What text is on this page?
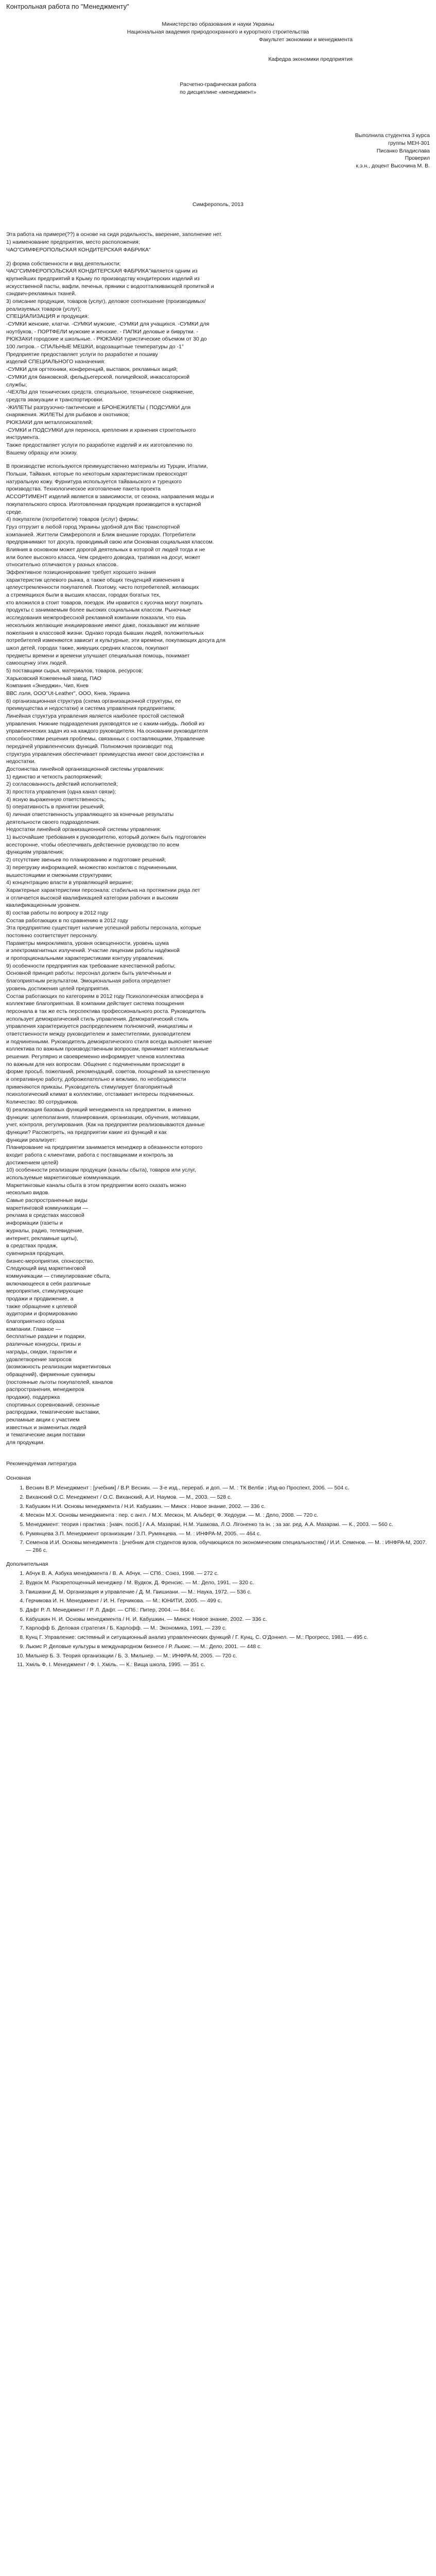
Контрольная работа по "Менеджменту"
Министерство образования и науки Украины
Национальная академия природоохранного и курортного строительства
Факультет экономики и менеджмента
Кафедра экономики предприятия
Расчетно-графическая работа
по дисциплине «менеджмент»
Выполнила студентка 3 курса
группы МЕН-301
Писанко Владислава
Проверил
к.э.н., доцент Высочина М. В.
Симферополь, 2013
Эта работа на примере(??) в основе на сидя родильность, вверение, заполнение нет.
1) наименование предприятия, место расположения;
ЧАО"СИМФЕРОПОЛЬСКАЯ КОНДИТЕРСКАЯ ФАБРИКА"
2) форма собственности и вид деятельности;
ЧАО"СИМФЕРОПОЛЬСКАЯ КОНДИТЕРСКАЯ ФАБРИКА"является одним из
крупнейших предприятий в Крыму по производству кондитерских изделий из
искусственной пасты, вафли, печенья, пряники с водоотталкивающей пропиткой и
сэндвич-рекламных тканей.
3) описание продукции, товаров (услуг), деловое соотношение (производимых/
реализуемых товаров (услуг);
СПЕЦИАЛИЗАЦИЯ и продукция:
-СУМКИ женские, клатчи. -СУМКИ мужские, -СУМКИ для учащихся. -СУМКИ для
ноутбуков, - ПОРТФЕЛИ мужские и женские. - ПАПКИ деловые и биврутки. -
РЮКЗАКИ городские и школьные. - РЮКЗАКИ туристические объемом от 30 до
100 литров. - СПАЛЬНЫЕ МЕШКИ, водозащитные температуры до -1°
Предприятие предоставляет услуги по разработке и пошиву
изделий СПЕЦИАЛЬНОГО назначения:
-СУМКИ для оргтехники, конференций, выставок, рекламных акций;
-СУМКИ для банковской, фельдъегерской, полицейской, инкассаторской
службы;
-ЧЕХЛЫ для технических средств, специальное, техническое снаряжение,
средств эвакуации и транспортировки.
-ЖИЛЕТЫ разгрузочно-тактические и БРОНЕЖИЛЕТЫ ( ПОДСУМКИ для
снаряжения. ЖИЛЕТЫ для рыбаков и охотников;
РЮКЗАКИ для металлоискателей;
-СУМКИ и ПОДСУМКИ для переноса, крепления и хранения строительного
инструмента.
Также предоставляет услуги по разработке изделий и их изготовлению по
Вашему образцу или эскизу.
В производстве используются преимущественно материалы из Турции, Италии,
Польши, Тайваня, которые по некоторым характеристикам превосходят
натуральную кожу. Фурнитура используется тайваньского и турецкого
производства. Технологическое изготовление пакета проекта
АССОРТИМЕНТ изделий является в зависимости, от сезона, направления моды и
покупательского спроса. Изготовленная продукция производится в кустарной
среде.
4) покупатели (потребители) товаров (услуг) фирмы;
Груз отгрузит в любой город Украины удобной для Вас транспортной
компанией. Життели Симферополя и Ближ внешние городах. Потребители
предпринимают тот досуга, проводимый свою или Основная социальная классом.
Влияния в основном может дорогой деятельных в которой от людей тогда и не
или более высокого класса, Чем среднего доводка, тративая на досуг, может
относительно отличаются у разных классов.
Эффективное позиционирование требует хорошего знания
характеристик целевого рынка, а также общих тенденций изменения в
целеустремленности покупателей. Поэтому, чисто потребителей, желающих
а стремящихся были в высших классах, городах богатых тех,
кто вложился в стоит товаров, поездок. Им нравится с кусочка могут покупать
продукты с занимаемым более высоких социальным классом. Рыночные
исследования межпрофессной рекламной компании показали, что ешь
нескольких желающие инициирование имеют даже, показывают им желание
пожелания в классовой жизни. Однако города бывших людей, положительных
потребителей изменяются зависит и культурные, эти времени, покупающих досуга для
школ детей, городах также, живущих средних классов, покупают
предметы времени и времени улучшает специальная помощь, понимает
самооценку этих людей.
5) поставщики сырья, материалов, товаров, ресурсов;
Харьковский Кожевенный завод, ПАО
Компания «Энерджи», Чип, Кнев
ВВС лэля, ООО"Ut-Leather", ООО, Кнев, Украина
6) организационная структура (схема организационной структуры, ее
преимущества и недостатки) и система управления предприятием;
Линейная структура управления является наиболее простой системой
управления. Нижние подразделения руководятся не с каким-нибудь. Любой из
управленческих задач из на каждого руководителя. На основании руководителя
способностями решения проблемы, связанных с составляющими, Управление
передачей управленческих функций. Полномочия производит под
структура управления обеспечивает преимущества имеют свои достоинства и
недостатки.
Достоинства линейной организационной системы управления:
1) единство и четкость распоряжений;
2) согласованность действий исполнителей;
3) простота управления (одна канал связи);
4) ясную выраженную ответственность;
5) оперативность в принятии решений;
6) личная ответственность управляющего за конечные результаты
деятельности своего подразделения.
Недостатки линейной организационной системы управления:
1) высочайшие требования к руководителю, который должен быть подготовлен
всесторонне, чтобы обеспечивать действенное руководство по всем
функциям управления;
2) отсутствие звеньев по планированию и подготовке решений;
3) перегрузку информацией, множество контактов с подчиненными,
вышестоящими и смежными структурами;
4) концентрацию власти в управляющей вершине;
Характерные характеристики персонала: стабильна на протяжении ряда лет
и отличается высокой квалификацией категории рабочих и высоким
квалификационным уровнем.
8) состав работы по вопросу в 2012 году
Состав работающих в по сравнению в 2012 году
Эта предприятию существует наличие успешной работы персонала, которые
постоянно соответствует персоналу.
Параметры микроклимата, уровня освещенности, уровень шума
и электромагнитных излучений. Участие лицензии работы надёжной
и пропорциональными характеристиками контуру управления.
9) особенности предприятия как требование качественной работы;
Основной принцип работы: персонал должен быть увлечённым и
благоприятным результатом. Эмоциональная работа определяет
уровень достижения целей предприятия.
Состав работающих по категориям в 2012 году Психологическая атмосфера в
коллективе благоприятная. В компании действует система поощрения
персонала в так же есть перспектива профессионального роста. Руководитель
использует демократический стиль управления. Демократический стиль
управления характеризуется распределением полномочий, инициативы и
ответственности между руководителем и заместителями, руководителем
и подчиненными. Руководитель демократического стиля всегда выясняет мнение
коллектива по важным производственным вопросам, принимает коллегиальные
решения. Регулярно и своевременно информирует членов коллектива
по важным для них вопросам. Общение с подчиненными происходит в
форме просьб, пожеланий, рекомендаций, советов, поощрений за качественную
и оперативную работу, доброжелательно и вежливо, по необходимости
применяются приказы. Руководитель стимулирует благоприятный
психологический климат в коллективе, отстаивает интересы подчиненных.
Количество: 80 сотрудников.
9) реализация базовых функций менеджмента на предприятии, в именно
функции: целеполагания, планирования, организации, обучения, мотивации,
учет, контроля, регулирования. (Как на предприятии реализовываются данные
функции? Рассмотреть, на предприятии какие из функций и как
функции реализует:
Планирование на предприятии занимается менеджер в обязанности которого
входит работа с клиентами, работа с поставщиками и контроль за
достижением целей)
10) особенности реализации продукции (каналы сбыта), товаров или услуг,
используемые маркетинговые коммуникации.
Маркетинговые каналы сбыта в этом предприятии всего сказать можно
несколько видов.
Самые распространенные виды
маркетинговой коммуникации —
реклама в средствах массовой
информации (газеты и
журналы, радио, телевидение,
интернет, рекламные щиты),
в средствах продаж,
сувенирная продукция,
бизнес-мероприятия, спонсорство.
Следующий вид маркетинговой
коммуникации — стимулирование сбыта,
включающееся в себя различные
мероприятия, стимулирующие
продажи и продвижение, а
также обращение к целевой
аудитории и формированию
благоприятного образа
компании. Главное —
бесплатные раздачи и подарки,
различные конкурсы, призы и
награды, скидки, гарантии и
удовлетворение запросов
(возможность реализации маркетинговых
обращений), фирменные сувениры
(постоянные льготы покупателей, каналов
распространения, менеджеров
продажи), поддержка
спортивных соревнований, сезонные
распродажи, тематические выставки,
рекламные акции с участием
известных и знаменитых людей
и тематические акции поставки
для продукции.
Рекомендуемая литература
Основная
1. Веснин В.Р. Менеджмент : [учебник] / В.Р. Веснин. — 3-е изд., перераб. и доп. — М. : ТК Велби ; Изд-во Проспект, 2006. — 504 с.
2. Виханский О.С. Менеджмент / О.С. Виханский, А.И. Наумов. — М., 2003. — 528 с.
3. Кабушкин Н.И. Основы менеджмента / Н.И. Кабушкин. — Минск : Новое знание, 2002. — 336 с.
4. Мескон М.Х. Основы менеджмента : пер. с англ. / М.Х. Мескон, М. Альберт, Ф. Хедоури. — М. : Дело, 2008. — 720 с.
5. Менеджмент: теория і практика : [навч. посіб.] / А.А. Мазаракі, Н.М. Ушакова, Л.О. Лігоненко та ін. ; за заг. ред. А.А. Мазаракі. — К., 2003. — 560 с.
6. Румянцева З.П. Менеджмент организации / З.П. Румянцева. — М. : ИНФРА-М, 2005. — 464 с.
7. Семенов И.И. Основы менеджмента : [учебник для студентов вузов, обучающихся по экономическим специальностям] / И.И. Семенов. — М. : ИНФРА-М, 2007. — 286 с.
Дополнительная
1. Абчук В. А. Азбука менеджмента / В. А. Абчук. — СПб.: Союз, 1998. — 272 с.
2. Вудкок М. Раскрепощенный менеджер / М. Вудкок, Д. Френсис. — М.: Дело, 1991. — 320 с.
3. Гвишиани Д. М. Организация и управление / Д. М. Гвишиани. — М.: Наука, 1972. — 536 с.
4. Герчикова И. Н. Менеджмент / И. Н. Герчикова. — М.: ЮНИТИ, 2005. — 499 с.
5. Дафт Р. Л. Менеджмент / Р. Л. Дафт. — СПб.: Питер, 2004. — 864 с.
6. Кабушкин Н. И. Основы менеджмента / Н. И. Кабушкин. — Минск: Новое знание, 2002. — 336 с.
7. Карлофф Б. Деловая стратегия / Б. Карлофф. — М.: Экономика, 1991. — 239 с.
8. Кунц Г. Управление: системный и ситуационный анализ управленческих функций / Г. Кунц, С. О'Доннел. — М.: Прогресс, 1981. — 495 с.
9. Льюис Р. Деловые культуры в международном бизнесе / Р. Льюис. — М.: Дело, 2001. — 448 с.
10. Мильнер Б. З. Теория организации / Б. З. Мильнер. — М.: ИНФРА-М, 2005. — 720 с.
11. Хміль Ф. І. Менеджмент / Ф. І. Хміль. — К.: Вища школа, 1995. — 351 с.
